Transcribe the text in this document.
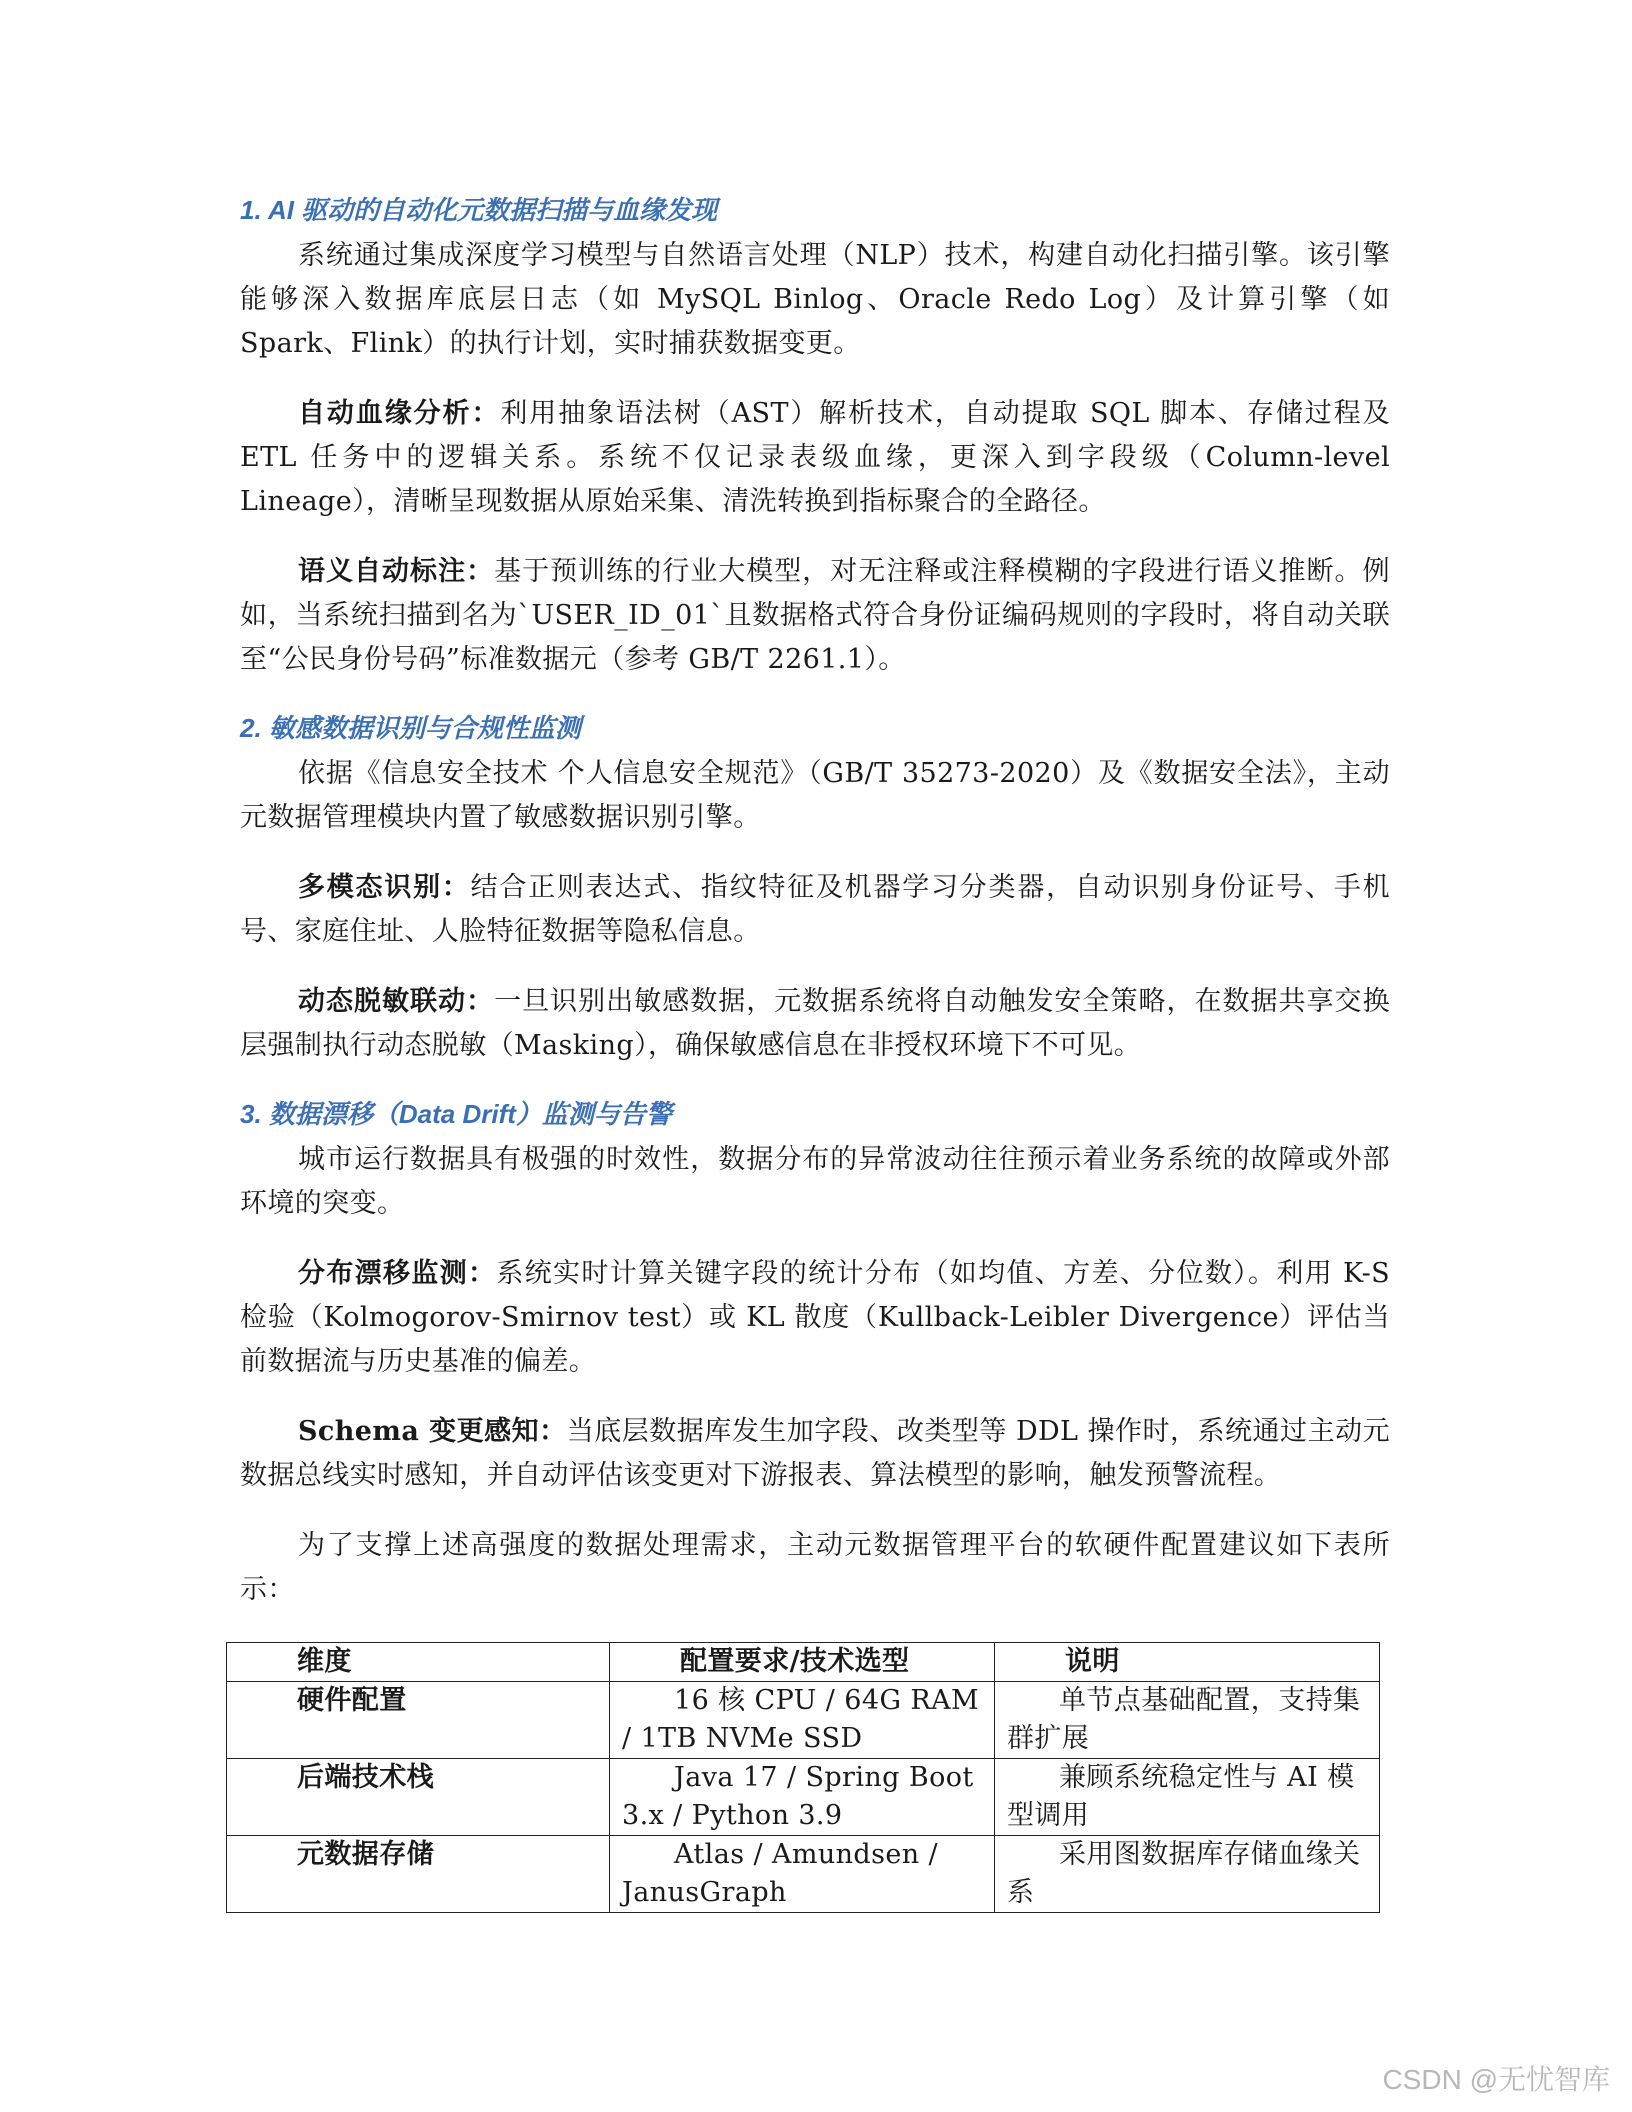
1. AI 驱动的自动化元数据扫描与血缘发现

系统通过集成深度学习模型与自然语言处理（NLP）技术，构建自动化扫描引擎。该引擎能够深入数据库底层日志（如 MySQL Binlog、Oracle Redo Log）及计算引擎（如 Spark、Flink）的执行计划，实时捕获数据变更。

自动血缘分析：利用抽象语法树（AST）解析技术，自动提取 SQL 脚本、存储过程及 ETL 任务中的逻辑关系。系统不仅记录表级血缘，更深入到字段级（Column-level Lineage），清晰呈现数据从原始采集、清洗转换到指标聚合的全路径。

语义自动标注：基于预训练的行业大模型，对无注释或注释模糊的字段进行语义推断。例如，当系统扫描到名为`USER_ID_01`且数据格式符合身份证编码规则的字段时，将自动关联至“公民身份号码”标准数据元（参考 GB/T 2261.1）。

2. 敏感数据识别与合规性监测

依据《信息安全技术 个人信息安全规范》（GB/T 35273-2020）及《数据安全法》，主动元数据管理模块内置了敏感数据识别引擎。

多模态识别：结合正则表达式、指纹特征及机器学习分类器，自动识别身份证号、手机号、家庭住址、人脸特征数据等隐私信息。

动态脱敏联动：一旦识别出敏感数据，元数据系统将自动触发安全策略，在数据共享交换层强制执行动态脱敏（Masking），确保敏感信息在非授权环境下不可见。

3. 数据漂移（Data Drift）监测与告警

城市运行数据具有极强的时效性，数据分布的异常波动往往预示着业务系统的故障或外部环境的突变。

分布漂移监测：系统实时计算关键字段的统计分布（如均值、方差、分位数）。利用 K-S 检验（Kolmogorov-Smirnov test）或 KL 散度（Kullback-Leibler Divergence）评估当前数据流与历史基准的偏差。

Schema 变更感知：当底层数据库发生加字段、改类型等 DDL 操作时，系统通过主动元数据总线实时感知，并自动评估该变更对下游报表、算法模型的影响，触发预警流程。

为了支撑上述高强度的数据处理需求，主动元数据管理平台的软硬件配置建议如下表所示：

维度	配置要求/技术选型	说明
硬件配置	16 核 CPU / 64G RAM / 1TB NVMe SSD	单节点基础配置，支持集群扩展
后端技术栈	Java 17 / Spring Boot 3.x / Python 3.9	兼顾系统稳定性与 AI 模型调用
元数据存储	Atlas / Amundsen / JanusGraph	采用图数据库存储血缘关系
CSDN @无忧智库
